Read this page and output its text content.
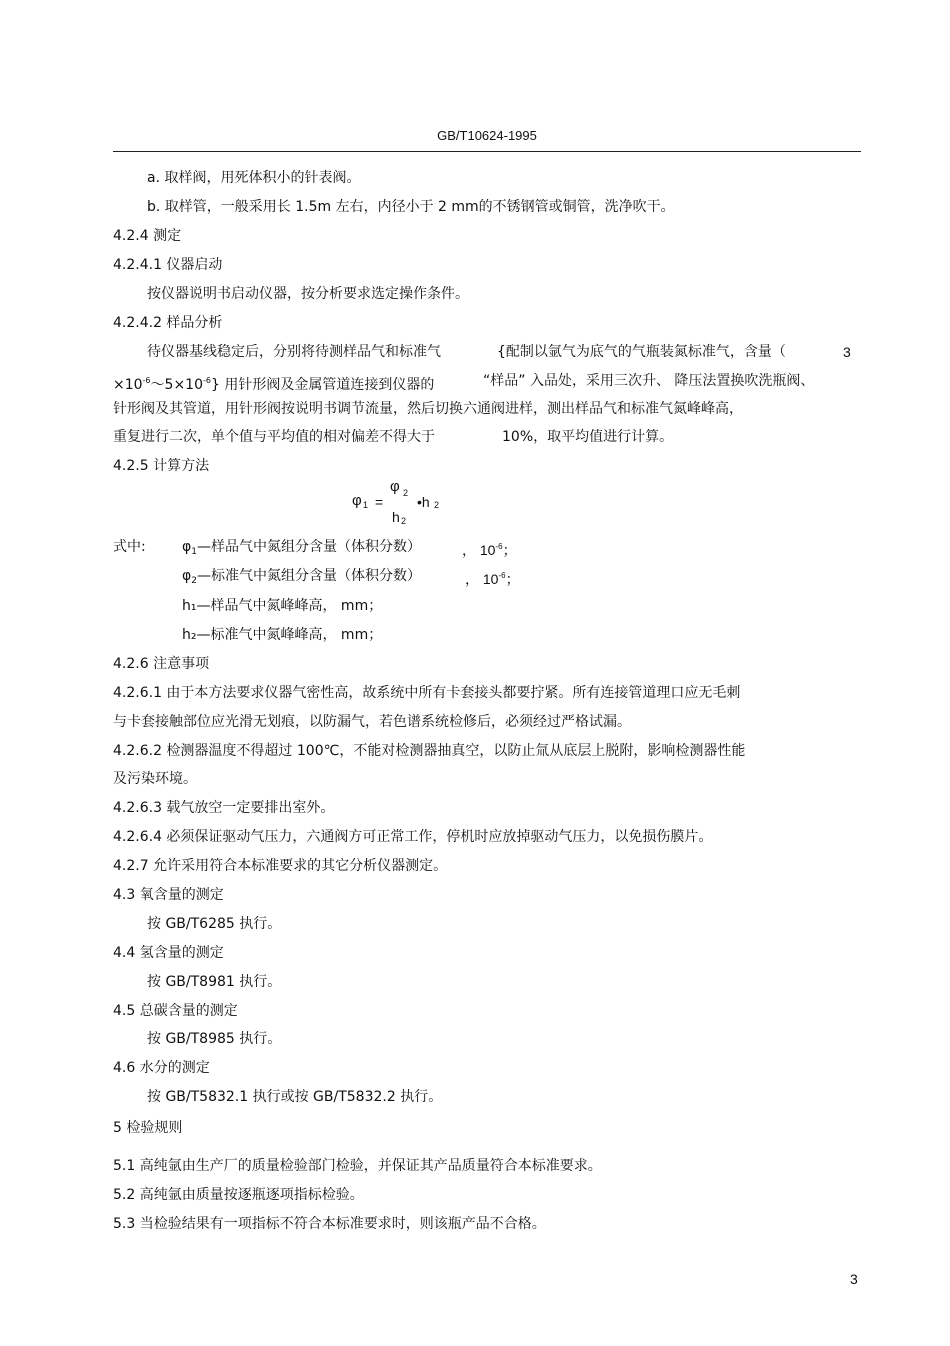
GB/T10624-1995
a. 取样阀，用死体积小的针表阀。
b. 取样管，一般采用长 1.5m 左右，内径小于 2 mm的不锈钢管或铜管，洗净吹干。
4.2.4 测定
4.2.4.1 仪器启动
按仪器说明书启动仪器，按分析要求选定操作条件。
4.2.4.2 样品分析
待仪器基线稳定后，分别将待测样品气和标准气	{配制以氩气为底气的气瓶装氮标准气，含量（	3
$\times 10^{-6}\sim 5\times 10^{-6}$} 用针形阀及金属管道连接到仪器的	“样品” 入品处，采用三次升、 降压法置换吹洗瓶阀、
针形阀及其管道，用针形阀按说明书调节流量，然后切换六通阀进样，测出样品气和标准气氮峰峰高，
重复进行二次，单个值与平均值的相对偏差不得大于	10%，取平均值进行计算。
4.2.5 计算方法
φ 1 =
φ 2
•h 2
h 2
式中:	$\varphi_1—$样品气中氮组分含量（体积分数）	， $10^{-6}$；
$\varphi_2—$标准气中氮组分含量（体积分数）	， $10^{-6}$；
h₁—样品气中氮峰峰高， mm；
h₂—标准气中氮峰峰高， mm；
4.2.6 注意事项
4.2.6.1 由于本方法要求仪器气密性高，故系统中所有卡套接头都要拧紧。所有连接管道理口应无毛刺
与卡套接触部位应光滑无划痕，以防漏气，若色谱系统检修后，必须经过严格试漏。
4.2.6.2 检测器温度不得超过 100℃，不能对检测器抽真空，以防止氚从底层上脱附，影响检测器性能
及污染环境。
4.2.6.3 载气放空一定要排出室外。
4.2.6.4 必须保证驱动气压力，六通阀方可正常工作，停机时应放掉驱动气压力，以免损伤膜片。
4.2.7 允许采用符合本标准要求的其它分析仪器测定。
4.3 氧含量的测定
按 GB/T6285 执行。
4.4 氢含量的测定
按 GB/T8981 执行。
4.5 总碳含量的测定
按 GB/T8985 执行。
4.6 水分的测定
按 GB/T5832.1 执行或按 GB/T5832.2 执行。
5 检验规则
5.1 高纯氩由生产厂的质量检验部门检验，并保证其产品质量符合本标准要求。
5.2 高纯氩由质量按逐瓶逐项指标检验。
5.3 当检验结果有一项指标不符合本标准要求时，则该瓶产品不合格。
3
